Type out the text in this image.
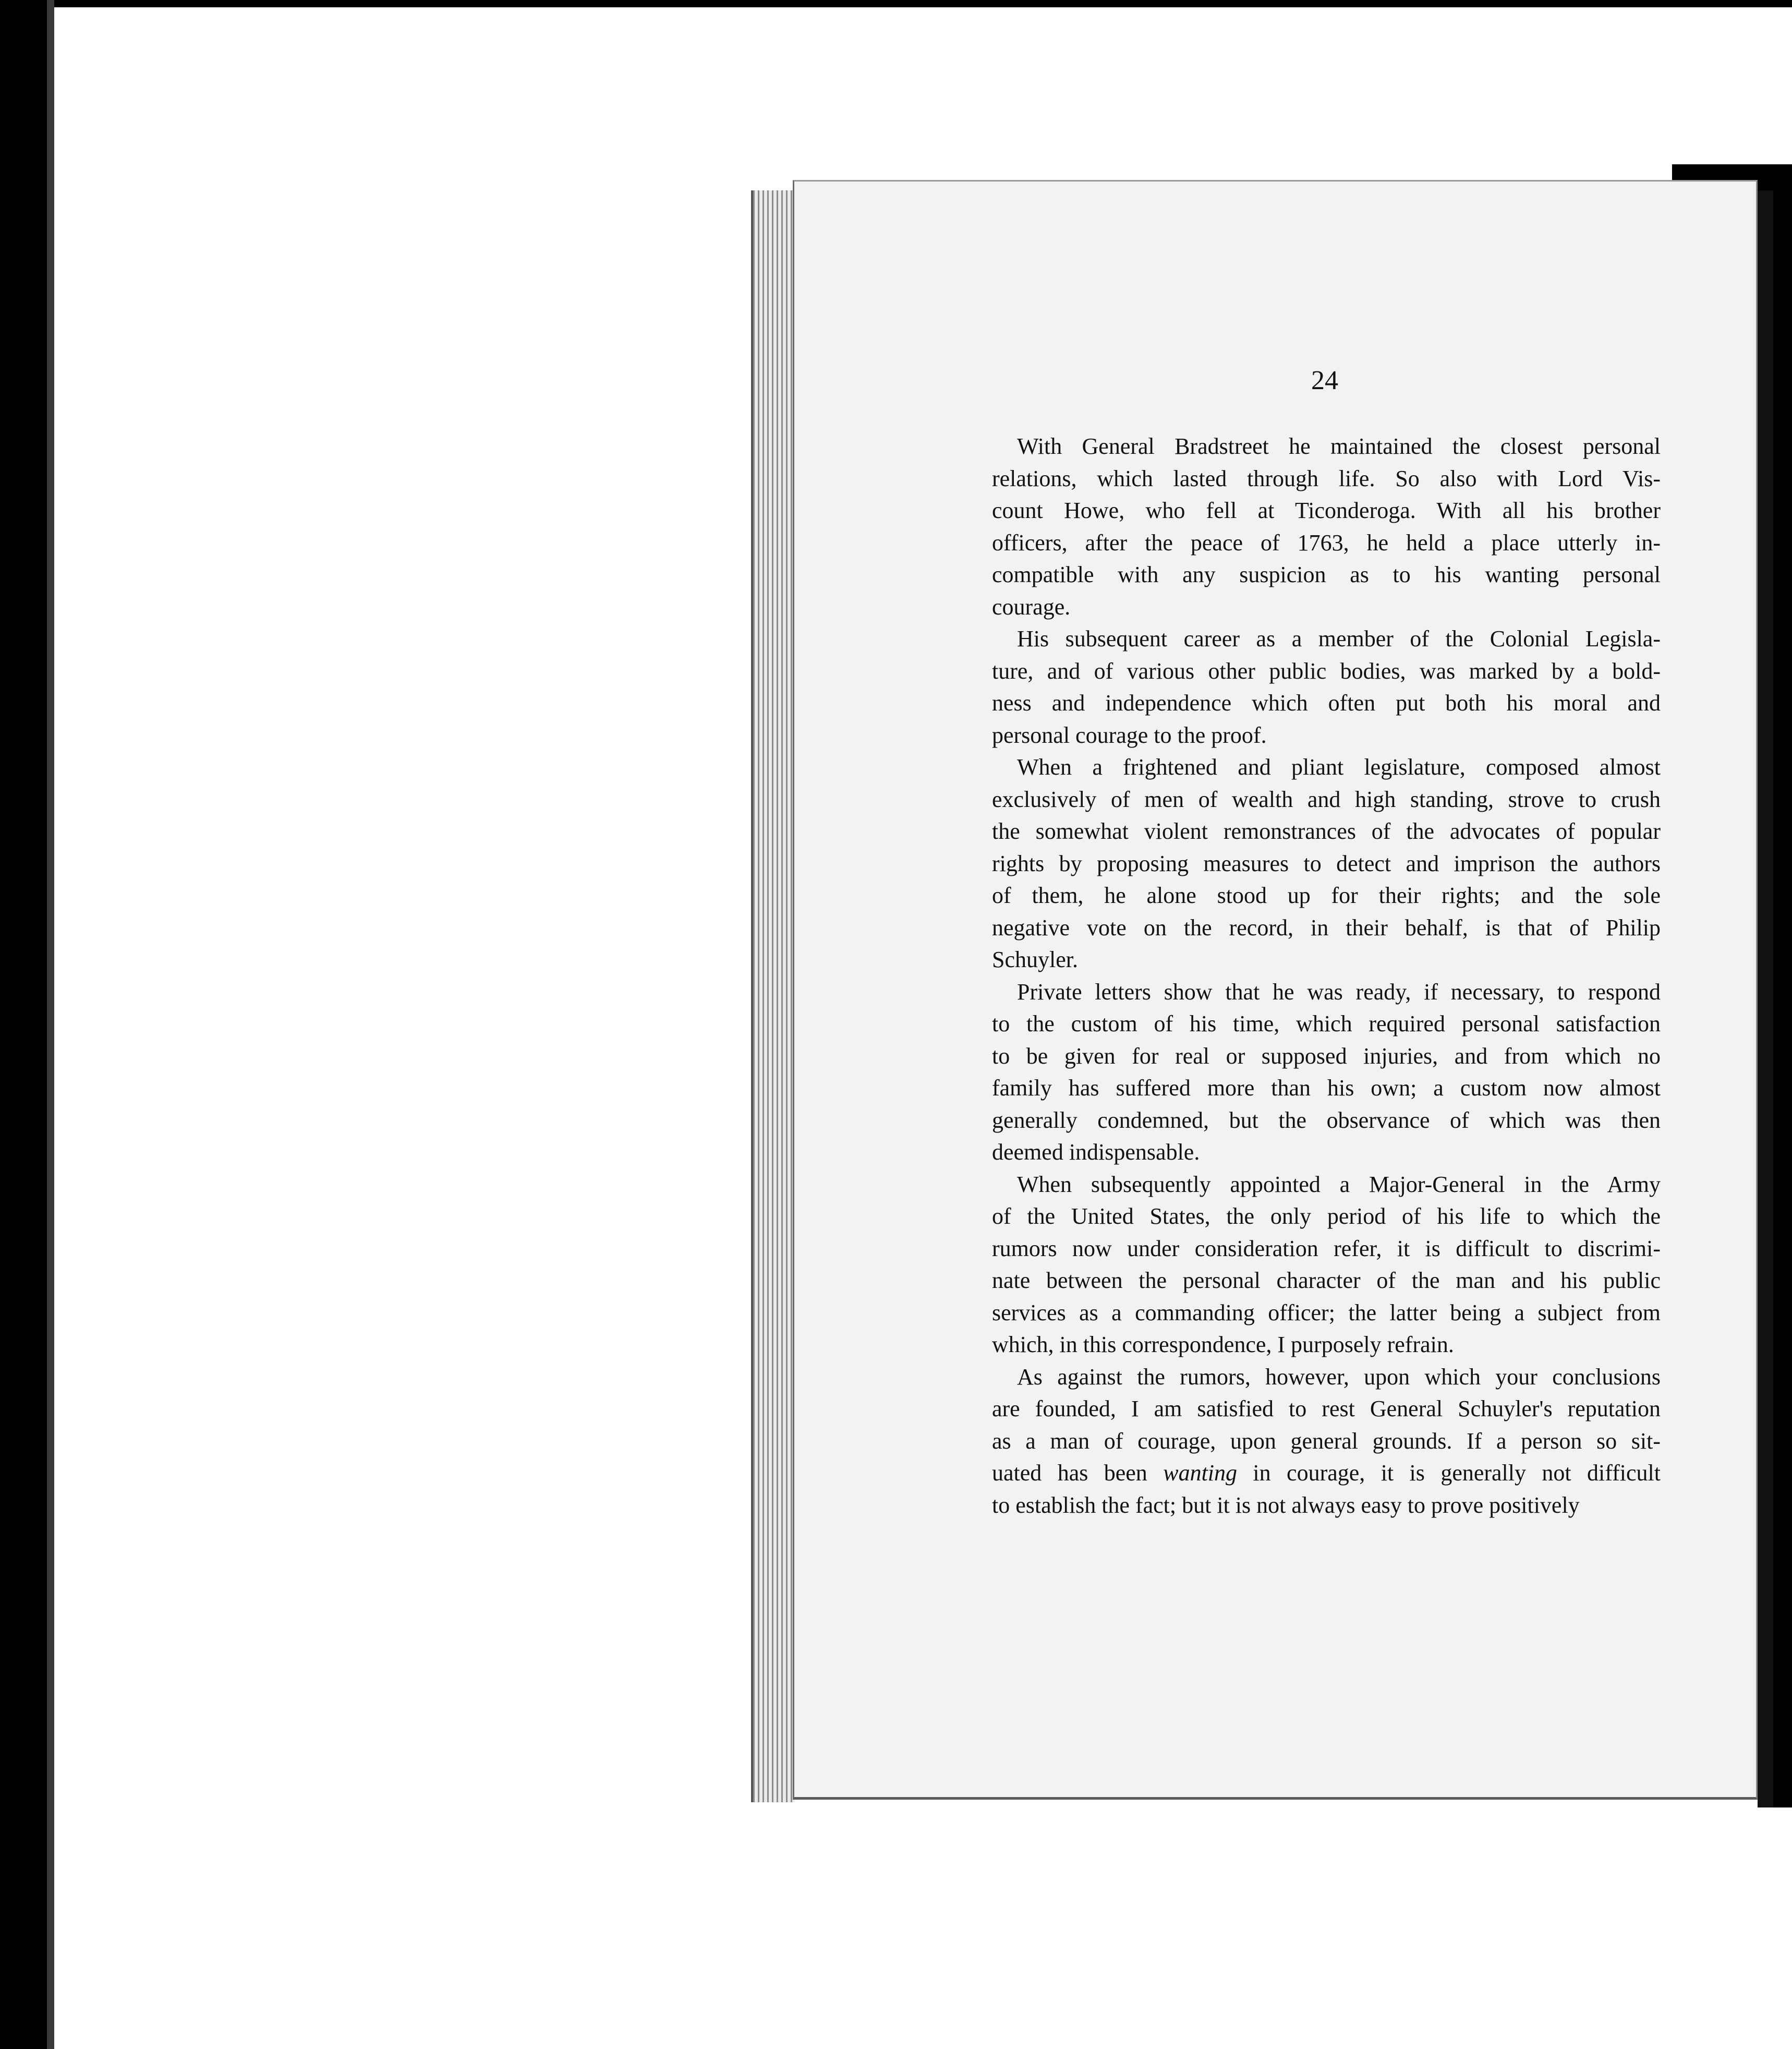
24
With General Bradstreet he maintained the closest personal
relations, which lasted through life. So also with Lord Vis-
count Howe, who fell at Ticonderoga. With all his brother
officers, after the peace of 1763, he held a place utterly in-
compatible with any suspicion as to his wanting personal
courage.
His subsequent career as a member of the Colonial Legisla-
ture, and of various other public bodies, was marked by a bold-
ness and independence which often put both his moral and
personal courage to the proof.
When a frightened and pliant legislature, composed almost
exclusively of men of wealth and high standing, strove to crush
the somewhat violent remonstrances of the advocates of popular
rights by proposing measures to detect and imprison the authors
of them, he alone stood up for their rights; and the sole
negative vote on the record, in their behalf, is that of Philip
Schuyler.
Private letters show that he was ready, if necessary, to respond
to the custom of his time, which required personal satisfaction
to be given for real or supposed injuries, and from which no
family has suffered more than his own; a custom now almost
generally condemned, but the observance of which was then
deemed indispensable.
When subsequently appointed a Major-General in the Army
of the United States, the only period of his life to which the
rumors now under consideration refer, it is difficult to discrimi-
nate between the personal character of the man and his public
services as a commanding officer; the latter being a subject from
which, in this correspondence, I purposely refrain.
As against the rumors, however, upon which your conclusions
are founded, I am satisfied to rest General Schuyler's reputation
as a man of courage, upon general grounds. If a person so sit-
uated has been wanting in courage, it is generally not difficult
to establish the fact; but it is not always easy to prove positively
